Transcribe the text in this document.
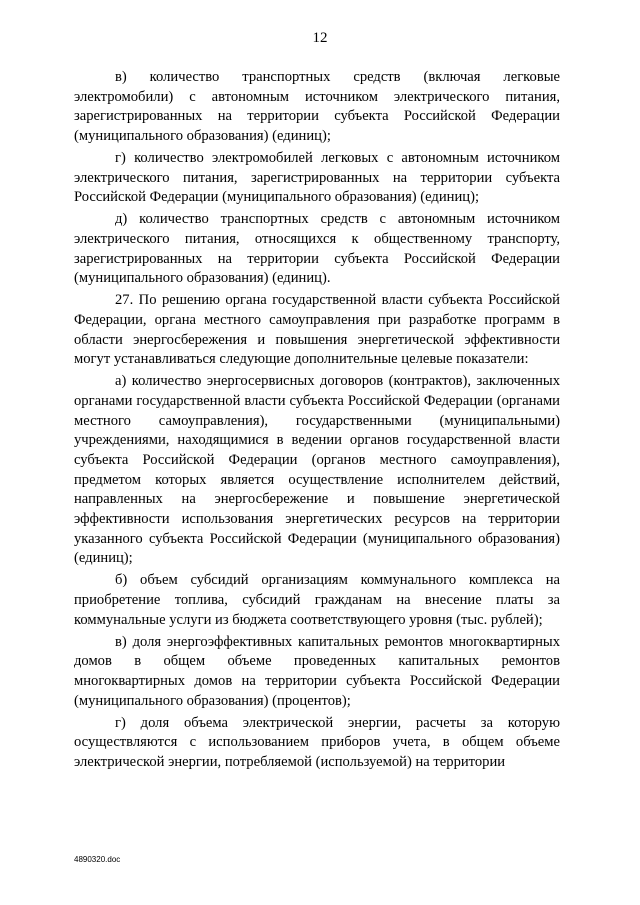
12

в) количество транспортных средств (включая легковые электромобили) с автономным источником электрического питания, зарегистрированных на территории субъекта Российской Федерации (муниципального образования) (единиц);

г) количество электромобилей легковых с автономным источником электрического питания, зарегистрированных на территории субъекта Российской Федерации (муниципального образования) (единиц);

д) количество транспортных средств с автономным источником электрического питания, относящихся к общественному транспорту, зарегистрированных на территории субъекта Российской Федерации (муниципального образования) (единиц).

27. По решению органа государственной власти субъекта Российской Федерации, органа местного самоуправления при разработке программ в области энергосбережения и повышения энергетической эффективности могут устанавливаться следующие дополнительные целевые показатели:

а) количество энергосервисных договоров (контрактов), заключенных органами государственной власти субъекта Российской Федерации (органами местного самоуправления), государственными (муниципальными) учреждениями, находящимися в ведении органов государственной власти субъекта Российской Федерации (органов местного самоуправления), предметом которых является осуществление исполнителем действий, направленных на энергосбережение и повышение энергетической эффективности использования энергетических ресурсов на территории указанного субъекта Российской Федерации (муниципального образования) (единиц);

б) объем субсидий организациям коммунального комплекса на приобретение топлива, субсидий гражданам на внесение платы за коммунальные услуги из бюджета соответствующего уровня (тыс. рублей);

в) доля энергоэффективных капитальных ремонтов многоквартирных домов в общем объеме проведенных капитальных ремонтов многоквартирных домов на территории субъекта Российской Федерации (муниципального образования) (процентов);

г) доля объема электрической энергии, расчеты за которую осуществляются с использованием приборов учета, в общем объеме электрической энергии, потребляемой (используемой) на территории

4890320.doc
